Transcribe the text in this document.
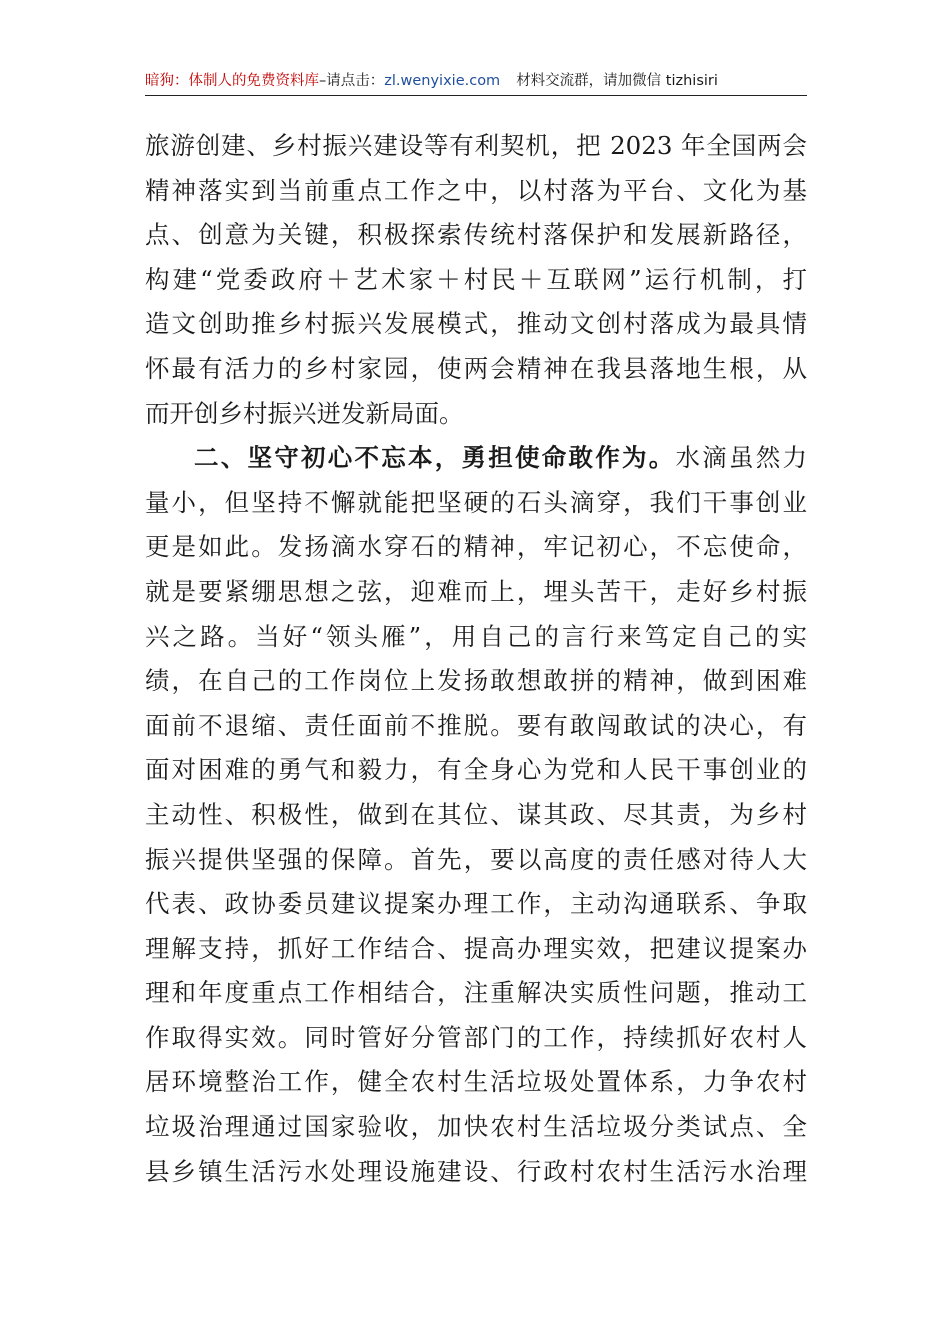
暗狗：体制人的免费资料库–请点击：zl.wenyixie.com 材料交流群，请加微信 tizhisiri
旅游创建、乡村振兴建设等有利契机，把 2023 年全国两会
精神落实到当前重点工作之中，以村落为平台、文化为基
点、创意为关键，积极探索传统村落保护和发展新路径，
构建“党委政府＋艺术家＋村民＋互联网”运行机制，打
造文创助推乡村振兴发展模式，推动文创村落成为最具情
怀最有活力的乡村家园，使两会精神在我县落地生根，从
而开创乡村振兴迸发新局面。
二、坚守初心不忘本，勇担使命敢作为。水滴虽然力
量小，但坚持不懈就能把坚硬的石头滴穿，我们干事创业
更是如此。发扬滴水穿石的精神，牢记初心，不忘使命，
就是要紧绷思想之弦，迎难而上，埋头苦干，走好乡村振
兴之路。当好“领头雁”，用自己的言行来笃定自己的实
绩，在自己的工作岗位上发扬敢想敢拼的精神，做到困难
面前不退缩、责任面前不推脱。要有敢闯敢试的决心，有
面对困难的勇气和毅力，有全身心为党和人民干事创业的
主动性、积极性，做到在其位、谋其政、尽其责，为乡村
振兴提供坚强的保障。首先，要以高度的责任感对待人大
代表、政协委员建议提案办理工作，主动沟通联系、争取
理解支持，抓好工作结合、提高办理实效，把建议提案办
理和年度重点工作相结合，注重解决实质性问题，推动工
作取得实效。同时管好分管部门的工作，持续抓好农村人
居环境整治工作，健全农村生活垃圾处置体系，力争农村
垃圾治理通过国家验收，加快农村生活垃圾分类试点、全
县乡镇生活污水处理设施建设、行政村农村生活污水治理
